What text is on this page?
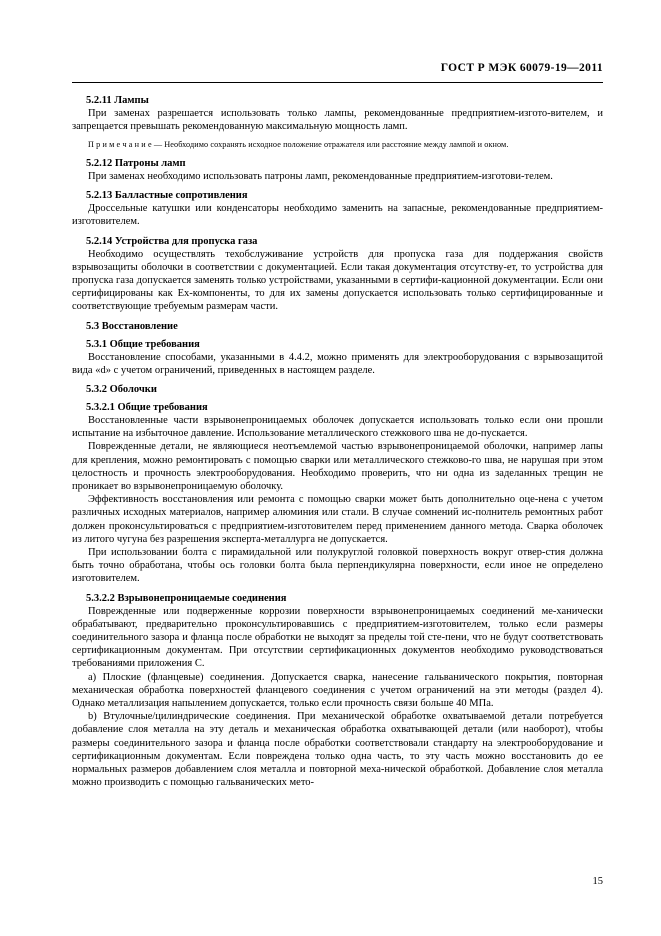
ГОСТ Р МЭК 60079-19—2011
5.2.11 Лампы

При заменах разрешается использовать только лампы, рекомендованные предприятием-изгото-вителем, и запрещается превышать рекомендованную максимальную мощность ламп.

П р и м е ч а н и е — Необходимо сохранять исходное положение отражателя или расстояние между лампой и окном.

5.2.12 Патроны ламп

При заменах необходимо использовать патроны ламп, рекомендованные предприятием-изготови-телем.

5.2.13 Балластные сопротивления

Дроссельные катушки или конденсаторы необходимо заменить на запасные, рекомендованные предприятием-изготовителем.

5.2.14 Устройства для пропуска газа

Необходимо осуществлять техобслуживание устройств для пропуска газа для поддержания свойств взрывозащиты оболочки в соответствии с документацией. Если такая документация отсутству-ет, то устройства для пропуска газа допускается заменять только устройствами, указанными в сертифи-кационной документации. Если они сертифицированы как Ex-компоненты, то для их замены допускается использовать только сертифицированные и соответствующие требуемым размерам части.

5.3 Восстановление
5.3.1 Общие требования

Восстановление способами, указанными в 4.4.2, можно применять для электрооборудования с взрывозащитой вида «d» с учетом ограничений, приведенных в настоящем разделе.

5.3.2 Оболочки
5.3.2.1 Общие требования

Восстановленные части взрывонепроницаемых оболочек допускается использовать только если они прошли испытание на избыточное давление. Использование металлического стежкового шва не до-пускается.

Поврежденные детали, не являющиеся неотъемлемой частью взрывонепроницаемой оболочки, например лапы для крепления, можно ремонтировать с помощью сварки или металлического стежково-го шва, не нарушая при этом целостность и прочность электрооборудования. Необходимо проверить, что ни одна из заделанных трещин не проникает во взрывонепроницаемую оболочку.

Эффективность восстановления или ремонта с помощью сварки может быть дополнительно оце-нена с учетом различных исходных материалов, например алюминия или стали. В случае сомнений ис-полнитель ремонтных работ должен проконсультироваться с предприятием-изготовителем перед применением данного метода. Сварка оболочек из литого чугуна без разрешения эксперта-металлурга не допускается.

При использовании болта с пирамидальной или полукруглой головкой поверхность вокруг отвер-стия должна быть точно обработана, чтобы ось головки болта была перпендикулярна поверхности, если иное не определено изготовителем.

5.3.2.2 Взрывонепроницаемые соединения

Поврежденные или подверженные коррозии поверхности взрывонепроницаемых соединений ме-ханически обрабатывают, предварительно проконсультировавшись с предприятием-изготовителем, только если размеры соединительного зазора и фланца после обработки не выходят за пределы той сте-пени, что не будут соответствовать сертификационным документам. При отсутствии сертификационных документов необходимо руководствоваться требованиями приложения С.

а) Плоские (фланцевые) соединения. Допускается сварка, нанесение гальванического покрытия, повторная механическая обработка поверхностей фланцевого соединения с учетом ограничений на эти методы (раздел 4). Однако металлизация напылением допускается, только если прочность связи больше 40 МПа.

b) Втулочные/цилиндрические соединения. При механической обработке охватываемой детали потребуется добавление слоя металла на эту деталь и механическая обработка охватывающей детали (или наоборот), чтобы размеры соединительного зазора и фланца после обработки соответствовали стандарту на электрооборудование и сертификационным документам. Если повреждена только одна часть, то эту часть можно восстановить до ее нормальных размеров добавлением слоя металла и повторной меха-нической обработкой. Добавление слоя металла можно производить с помощью гальванических мето-

15
